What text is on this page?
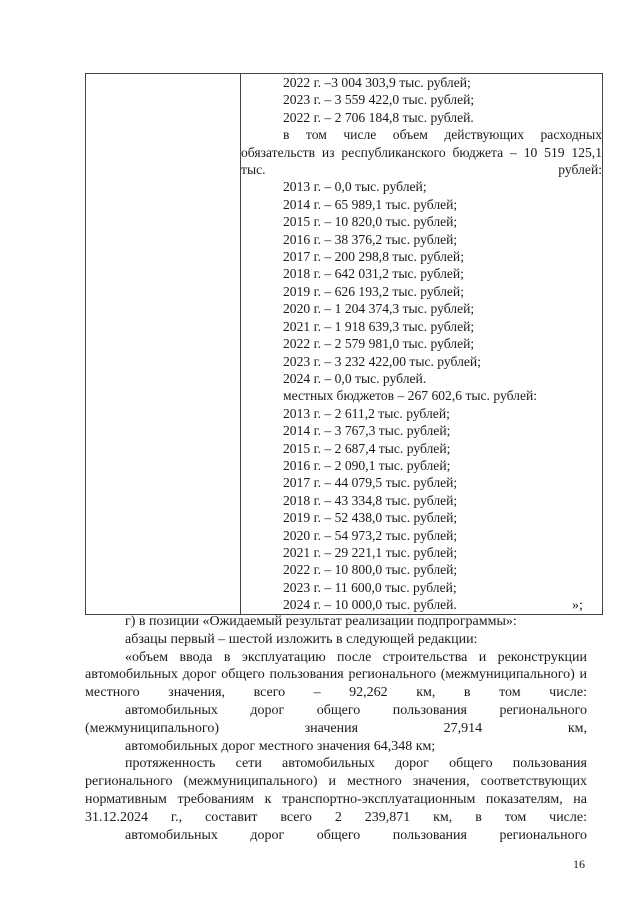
2022 г. –3 004 303,9 тыс. рублей;
2023 г. – 3 559 422,0 тыс. рублей;
2022 г. – 2 706 184,8 тыс. рублей.
в том числе объем действующих расходных обязательств из республиканского бюджета – 10 519 125,1 тыс. рублей:
2013 г. – 0,0 тыс. рублей;
2014 г. – 65 989,1 тыс. рублей;
2015 г. – 10 820,0 тыс. рублей;
2016 г. – 38 376,2 тыс. рублей;
2017 г. – 200 298,8 тыс. рублей;
2018 г. – 642 031,2 тыс. рублей;
2019 г. – 626 193,2 тыс. рублей;
2020 г. – 1 204 374,3 тыс. рублей;
2021 г. – 1 918 639,3 тыс. рублей;
2022 г. – 2 579 981,0 тыс. рублей;
2023 г. – 3 232 422,00 тыс. рублей;
2024 г. – 0,0 тыс. рублей.
местных бюджетов – 267 602,6 тыс. рублей:
2013 г. – 2 611,2 тыс. рублей;
2014 г. – 3 767,3 тыс. рублей;
2015 г. – 2 687,4 тыс. рублей;
2016 г. – 2 090,1 тыс. рублей;
2017 г. – 44 079,5 тыс. рублей;
2018 г. – 43 334,8 тыс. рублей;
2019 г. – 52 438,0 тыс. рублей;
2020 г. – 54 973,2 тыс. рублей;
2021 г. – 29 221,1 тыс. рублей;
2022 г. – 10 800,0 тыс. рублей;
2023 г. – 11 600,0 тыс. рублей;
2024 г. – 10 000,0 тыс. рублей.	»;
г) в позиции «Ожидаемый результат реализации подпрограммы»:
абзацы первый – шестой изложить в следующей редакции:
«объем ввода в эксплуатацию после строительства и реконструкции автомобильных дорог общего пользования регионального (межмуниципального) и местного значения, всего – 92,262 км, в том числе:
автомобильных дорог общего пользования регионального (межмуниципального) значения 27,914 км,
автомобильных дорог местного значения 64,348 км;
протяженность сети автомобильных дорог общего пользования регионального (межмуниципального) и местного значения, соответствующих нормативным требованиям к транспортно-эксплуатационным показателям, на 31.12.2024 г., составит всего 2 239,871 км, в том числе:
автомобильных дорог общего пользования регионального
16
